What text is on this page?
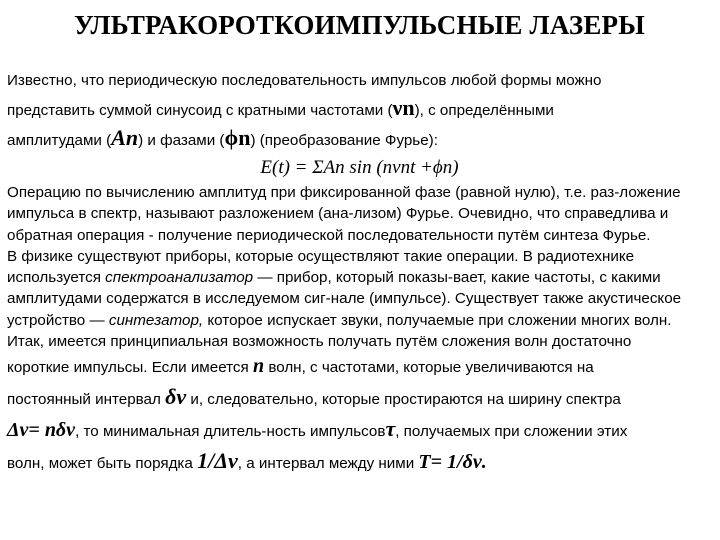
УЛЬТРАКОРОТКОИМПУЛЬСНЫЕ ЛАЗЕРЫ
Известно, что периодическую последовательность импульсов любой формы можно
представить суммой синусоид с кратными частотами (νn), с определёнными
амплитудами (An) и фазами (ϕn) (преобразование Фурье):
E(t) = ΣAn sin (nνnt +ϕn)

Операцию по вычислению амплитуд при фиксированной фазе (равной нулю), т.е. раз-ложение импульса в спектр, называют разложением (ана-лизом) Фурье. Очевидно, что справедлива и обратная операция - получение периодической последовательности путём синтеза Фурье.

В физике существуют приборы, которые осуществляют такие операции. В радиотехнике используется спектроанализатор — прибор, который показы-вает, какие частоты, с какими амплитудами содержатся в исследуемом сиг-нале (импульсе). Существует также акустическое устройство — синтезатор, которое испускает звуки, получаемые при сложении многих волн.

Итак, имеется принципиальная возможность получать путём сложения волн достаточно

короткие импульсы. Если имеется n волн, с частотами, которые увеличиваются на
постоянный интервал δν и, следовательно, которые простираются на ширину спектра
Δν= nδν, то минимальная длитель-ность импульсовτ, получаемых при сложении этих
волн, может быть порядка 1/Δν, а интервал между ними T= 1/δν.
